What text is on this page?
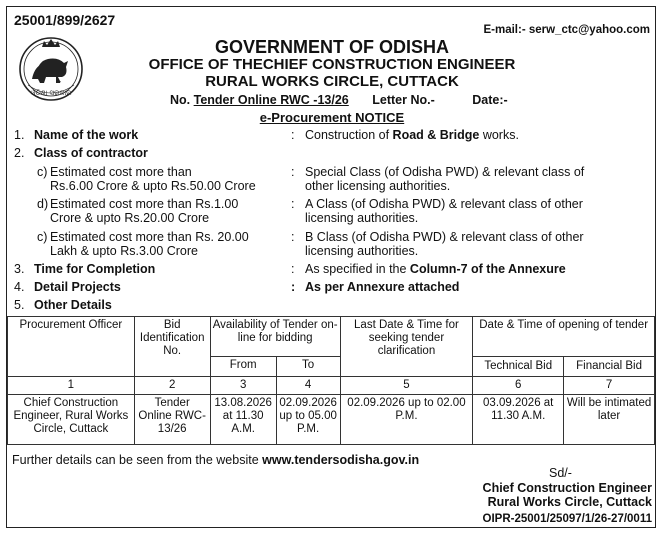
25001/899/2627
E-mail:- serw_ctc@yahoo.com
ଓଡ଼ିଶା ସରକାର
GOVERNMENT OF ODISHA
OFFICE OF THECHIEF CONSTRUCTION ENGINEER
RURAL WORKS CIRCLE, CUTTACK
No. Tender Online RWC -13/26 Letter No.-	Date:-
e-Procurement NOTICE
1. Name of the work	: Construction of Road & Bridge works.
2. Class of contractor
c) Estimated cost more than
Rs.6.00 Crore & upto Rs.50.00 Crore
: Special Class (of Odisha PWD) & relevant class of
other licensing authorities.
d) Estimated cost more than Rs.1.00
Crore & upto Rs.20.00 Crore
: A Class (of Odisha PWD) & relevant class of other
licensing authorities.
c) Estimated cost more than Rs. 20.00
Lakh & upto Rs.3.00 Crore
: B Class (of Odisha PWD) & relevant class of other
licensing authorities.
3. Time for Completion	: As specified in the Column-7 of the Annexure
4. Detail Projects	: As per Annexure attached
5. Other Details
Procurement Officer	Bid Identification No.	Availability of Tender on-line for bidding		Last Date & Time for seeking tender clarification	Date & Time of opening of tender	
		From	To		Technical Bid	Financial Bid
1	2	3	4	5	6	7
Chief Construction Engineer, Rural Works Circle, Cuttack	Tender Online RWC-13/26	13.08.2026 at 11.30 A.M.	02.09.2026 up to 05.00 P.M.	02.09.2026 up to 02.00 P.M.	03.09.2026 at 11.30 A.M.	Will be intimated later
Further details can be seen from the website www.tendersodisha.gov.in
Sd/-
Chief Construction Engineer
Rural Works Circle, Cuttack
OIPR-25001/25097/1/26-27/0011
